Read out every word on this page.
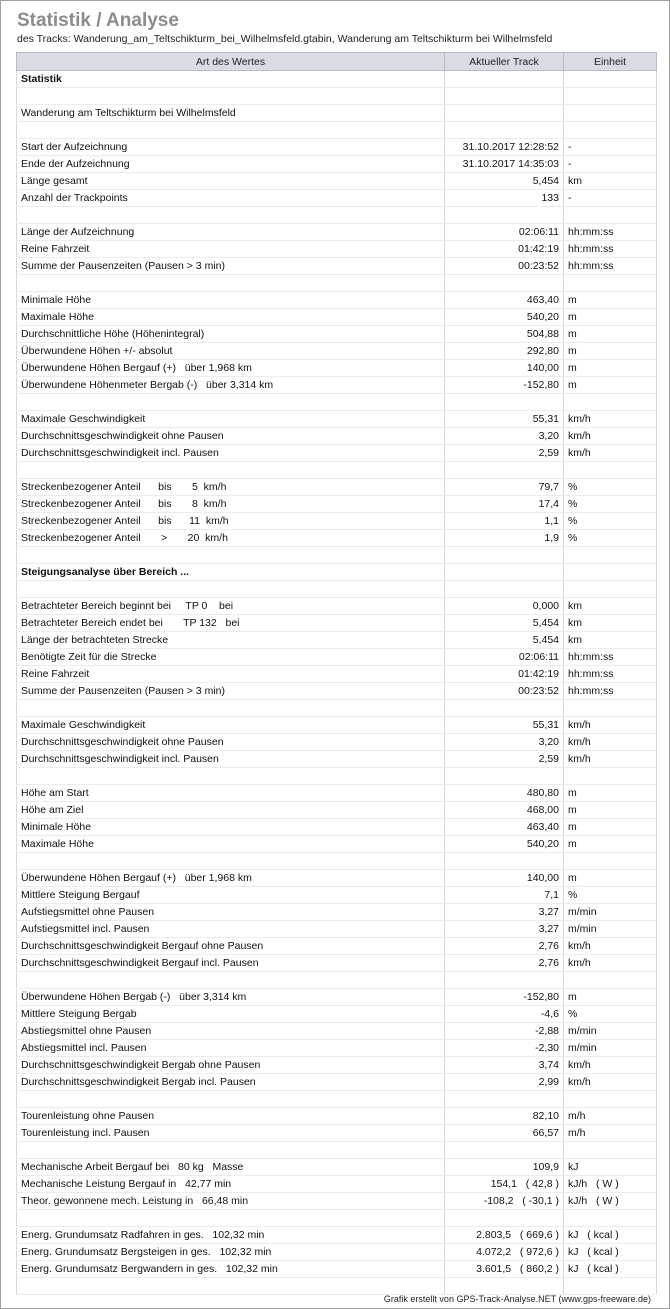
Statistik / Analyse
des Tracks: Wanderung_am_Teltschikturm_bei_Wilhelmsfeld.gtabin, Wanderung am Teltschikturm bei Wilhelmsfeld
Art des Wertes	Aktueller Track	Einheit
Statistik		

Wanderung am Teltschikturm bei Wilhelmsfeld		

Start der Aufzeichnung	31.10.2017 12:28:52	-
Ende der Aufzeichnung	31.10.2017 14:35:03	-
Länge gesamt	5,454	km
Anzahl der Trackpoints	133	-

Länge der Aufzeichnung	02:06:11	hh:mm:ss
Reine Fahrzeit	01:42:19	hh:mm:ss
Summe der Pausenzeiten (Pausen > 3 min)	00:23:52	hh:mm:ss

Minimale Höhe	463,40	m
Maximale Höhe	540,20	m
Durchschnittliche Höhe (Höhenintegral)	504,88	m
Überwundene Höhen +/- absolut	292,80	m
Überwundene Höhen Bergauf (+)   über 1,968 km	140,00	m
Überwundene Höhenmeter Bergab (-)   über 3,314 km	-152,80	m

Maximale Geschwindigkeit	55,31	km/h
Durchschnittsgeschwindigkeit ohne Pausen	3,20	km/h
Durchschnittsgeschwindigkeit incl. Pausen	2,59	km/h

Streckenbezogener Anteil      bis       5  km/h	79,7	%
Streckenbezogener Anteil      bis       8  km/h	17,4	%
Streckenbezogener Anteil      bis      11  km/h	1,1	%
Streckenbezogener Anteil       >       20  km/h	1,9	%

Steigungsanalyse über Bereich ...		

Betrachteter Bereich beginnt bei     TP 0    bei	0,000	km
Betrachteter Bereich endet bei       TP 132   bei	5,454	km
Länge der betrachteten Strecke	5,454	km
Benötigte Zeit für die Strecke	02:06:11	hh:mm:ss
Reine Fahrzeit	01:42:19	hh:mm:ss
Summe der Pausenzeiten (Pausen > 3 min)	00:23:52	hh:mm:ss

Maximale Geschwindigkeit	55,31	km/h
Durchschnittsgeschwindigkeit ohne Pausen	3,20	km/h
Durchschnittsgeschwindigkeit incl. Pausen	2,59	km/h

Höhe am Start	480,80	m
Höhe am Ziel	468,00	m
Minimale Höhe	463,40	m
Maximale Höhe	540,20	m

Überwundene Höhen Bergauf (+)   über 1,968 km	140,00	m
Mittlere Steigung Bergauf	7,1	%
Aufstiegsmittel ohne Pausen	3,27	m/min
Aufstiegsmittel incl. Pausen	3,27	m/min
Durchschnittsgeschwindigkeit Bergauf ohne Pausen	2,76	km/h
Durchschnittsgeschwindigkeit Bergauf incl. Pausen	2,76	km/h

Überwundene Höhen Bergab (-)   über 3,314 km	-152,80	m
Mittlere Steigung Bergab	-4,6	%
Abstiegsmittel ohne Pausen	-2,88	m/min
Abstiegsmittel incl. Pausen	-2,30	m/min
Durchschnittsgeschwindigkeit Bergab ohne Pausen	3,74	km/h
Durchschnittsgeschwindigkeit Bergab incl. Pausen	2,99	km/h

Tourenleistung ohne Pausen	82,10	m/h
Tourenleistung incl. Pausen	66,57	m/h

Mechanische Arbeit Bergauf bei   80 kg   Masse	109,9	kJ
Mechanische Leistung Bergauf in   42,77 min	154,1   ( 42,8 )	kJ/h   ( W )
Theor. gewonnene mech. Leistung in   66,48 min	-108,2   ( -30,1 )	kJ/h   ( W )

Energ. Grundumsatz Radfahren in ges.   102,32 min	2.803,5   ( 669,6 )	kJ   ( kcal )
Energ. Grundumsatz Bergsteigen in ges.   102,32 min	4.072,2   ( 972,6 )	kJ   ( kcal )
Energ. Grundumsatz Bergwandern in ges.   102,32 min	3.601,5   ( 860,2 )	kJ   ( kcal )

Grafik erstellt von GPS-Track-Analyse.NET (www.gps-freeware.de)
